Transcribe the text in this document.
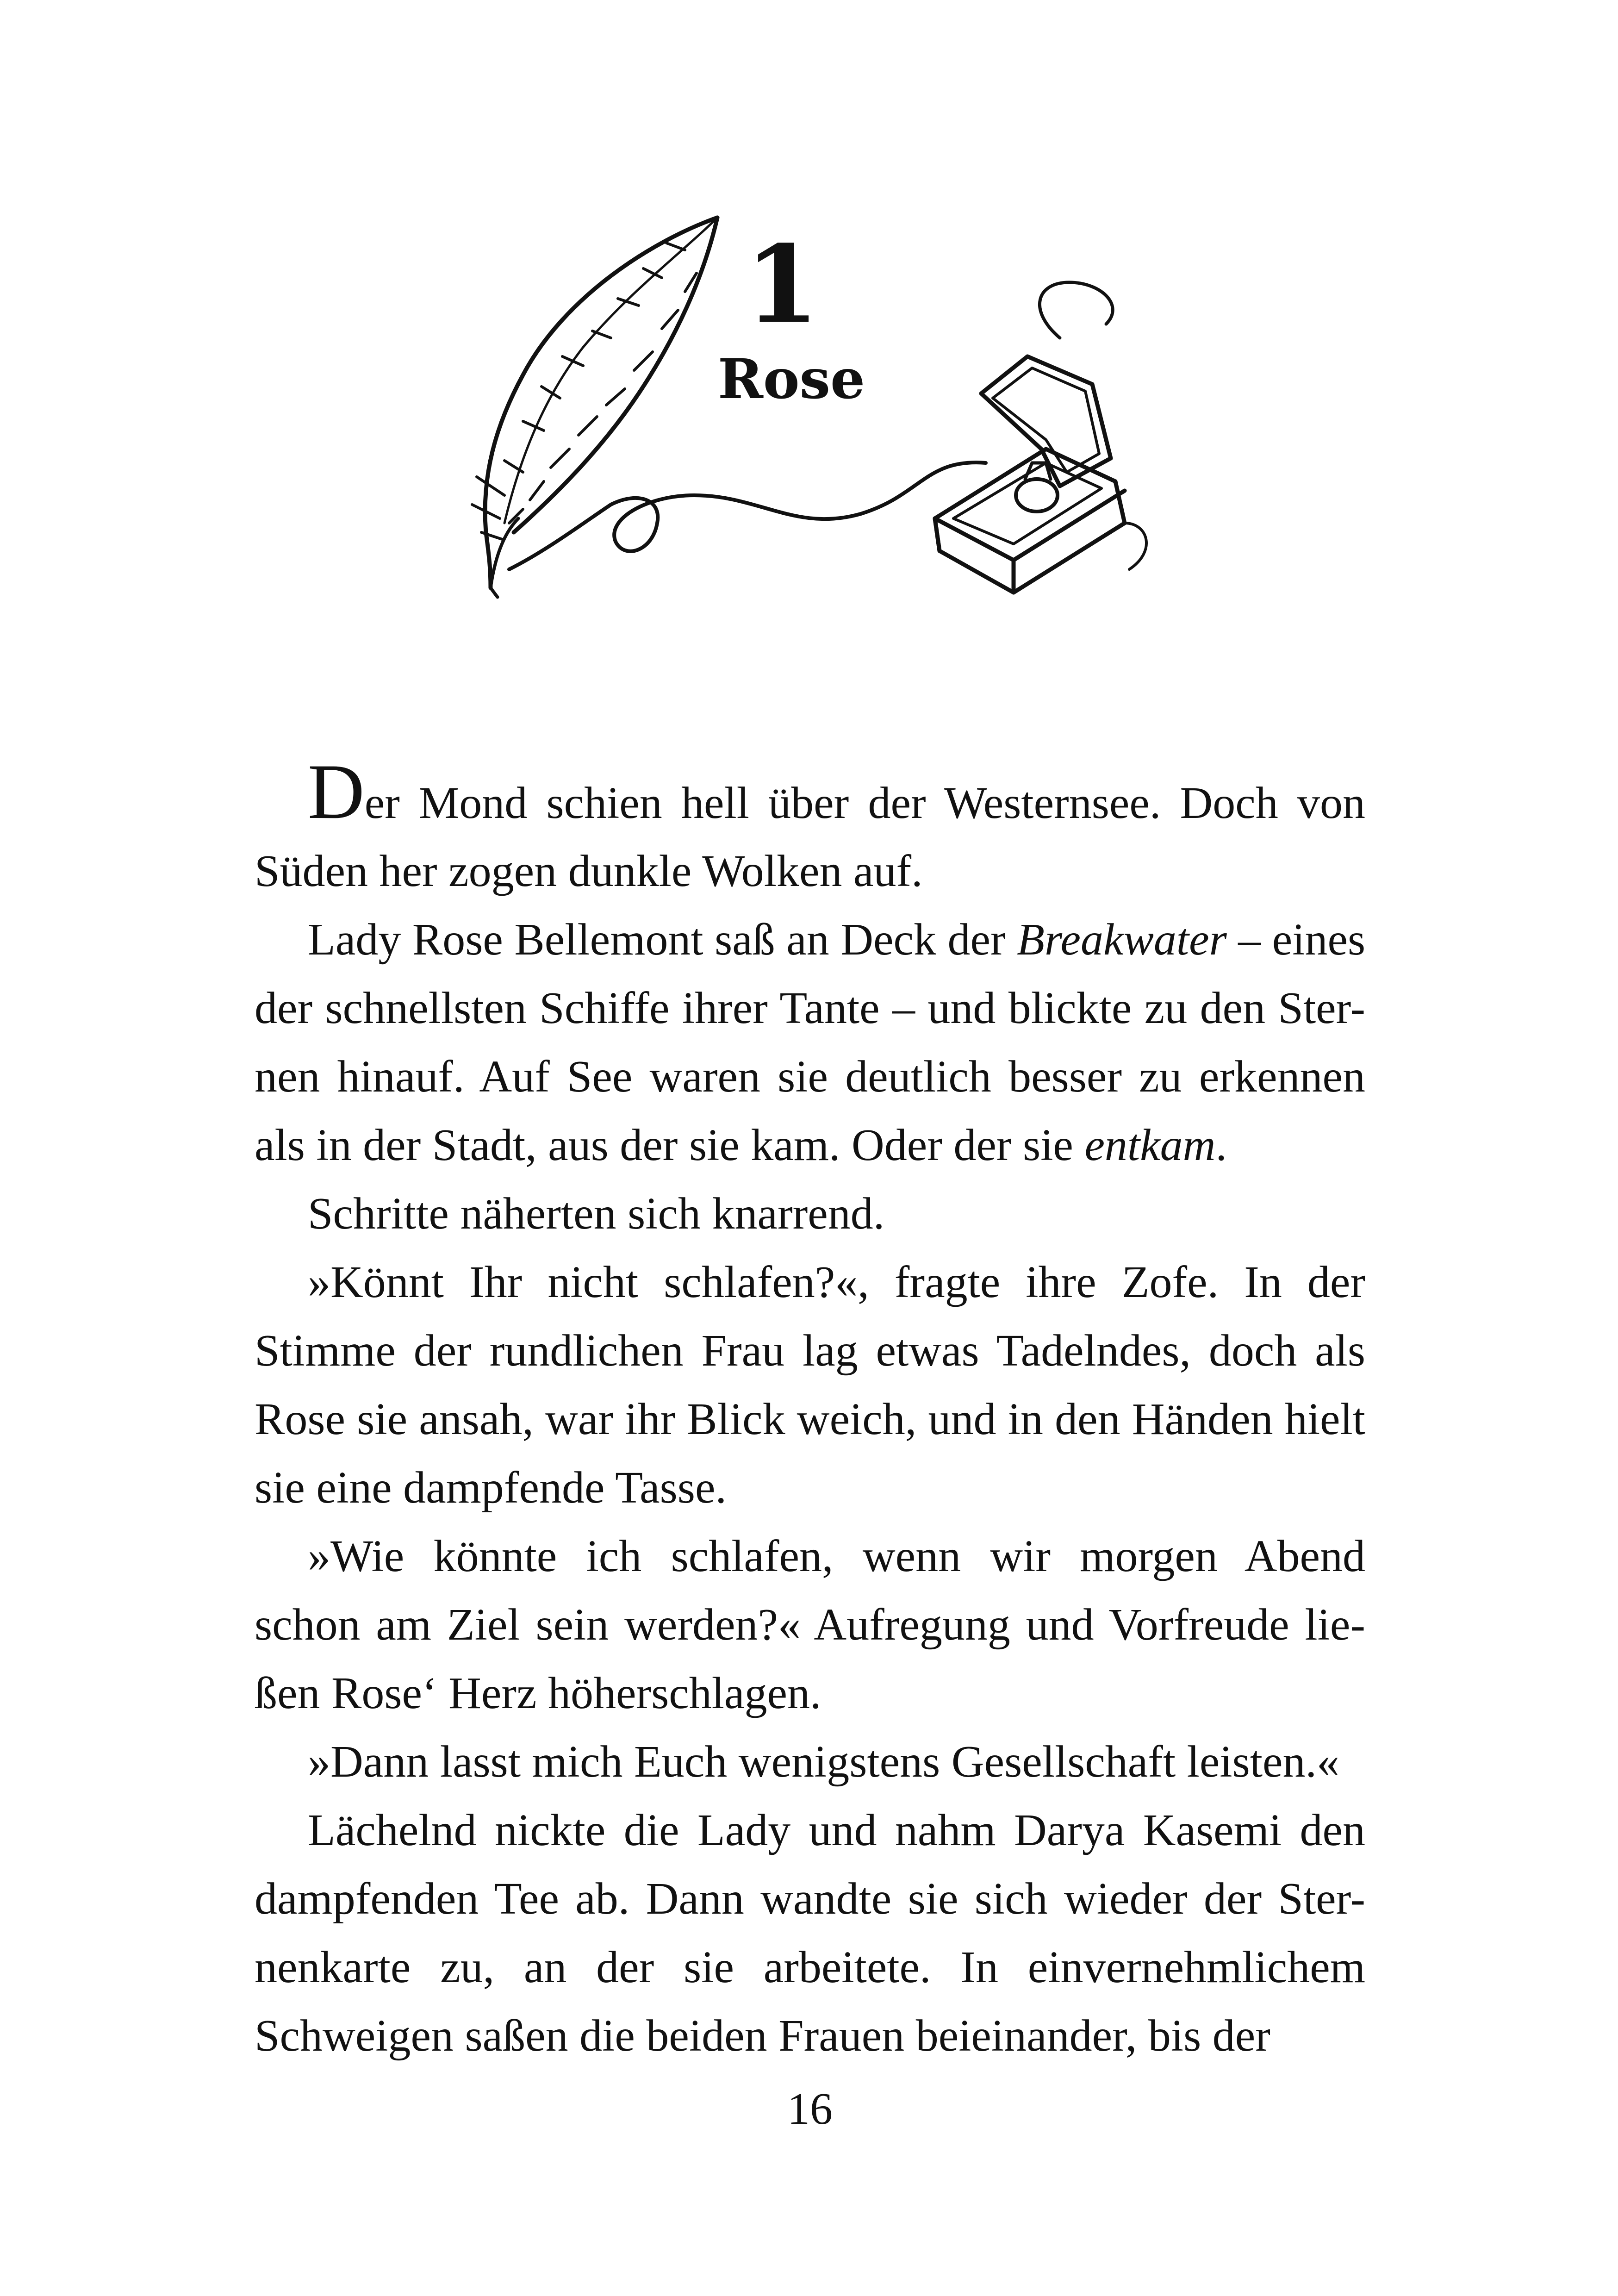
1
Rose
Der Mond schien hell über der Westernsee. Doch von
Süden her zogen dunkle Wolken auf.
Lady Rose Bellemont saß an Deck der Breakwater – eines
der schnellsten Schiffe ihrer Tante – und blickte zu den Ster-
nen hinauf. Auf See waren sie deutlich besser zu erkennen
als in der Stadt, aus der sie kam. Oder der sie entkam.
Schritte näherten sich knarrend.
»Könnt Ihr nicht schlafen?«, fragte ihre Zofe. In der
Stimme der rundlichen Frau lag etwas Tadelndes, doch als
Rose sie ansah, war ihr Blick weich, und in den Händen hielt
sie eine dampfende Tasse.
»Wie könnte ich schlafen, wenn wir morgen Abend
schon am Ziel sein werden?« Aufregung und Vorfreude lie-
ßen Rose‘ Herz höherschlagen.
»Dann lasst mich Euch wenigstens Gesellschaft leisten.«
Lächelnd nickte die Lady und nahm Darya Kasemi den
dampfenden Tee ab. Dann wandte sie sich wieder der Ster-
nenkarte zu, an der sie arbeitete. In einvernehmlichem
Schweigen saßen die beiden Frauen beieinander, bis der
16
